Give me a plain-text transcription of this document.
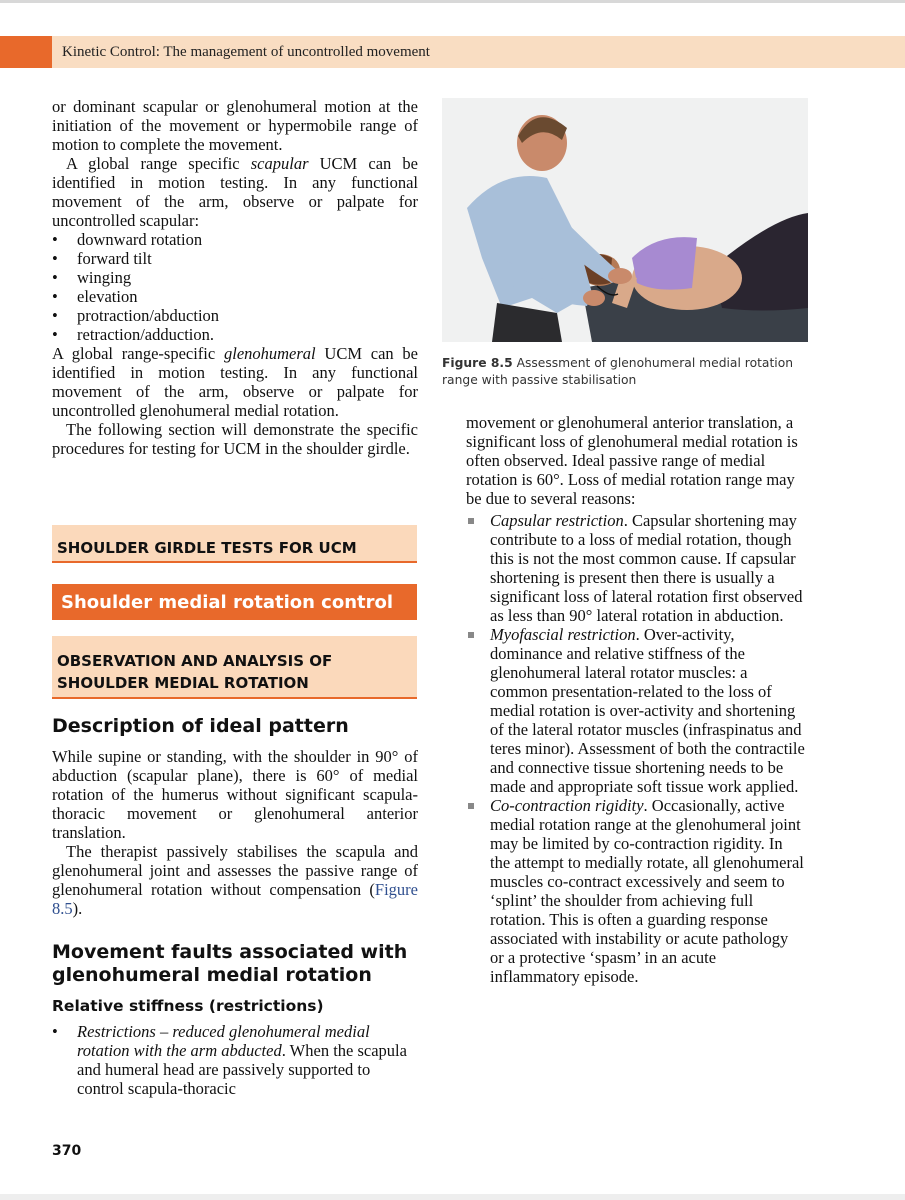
Kinetic Control: The management of uncontrolled movement

or dominant scapular or glenohumeral motion at the initiation of the movement or hypermobile range of motion to complete the movement.

A global range specific scapular UCM can be identified in motion testing. In any functional movement of the arm, observe or palpate for uncontrolled scapular:

• downward rotation
• forward tilt
• winging
• elevation
• protraction/abduction
• retraction/adduction.

A global range-specific glenohumeral UCM can be identified in motion testing. In any functional movement of the arm, observe or palpate for uncontrolled glenohumeral medial rotation.

The following section will demonstrate the specific procedures for testing for UCM in the shoulder girdle.

SHOULDER GIRDLE TESTS FOR UCM
Shoulder medial rotation control
OBSERVATION AND ANALYSIS OF
SHOULDER MEDIAL ROTATION
Description of ideal pattern

While supine or standing, with the shoulder in 90° of abduction (scapular plane), there is 60° of medial rotation of the humerus without significant scapula-thoracic movement or glenohumeral anterior translation.

The therapist passively stabilises the scapula and glenohumeral joint and assesses the passive range of glenohumeral rotation without compensation (Figure 8.5).

Movement faults associated with
glenohumeral medial rotation
Relative stiffness (restrictions)
• Restrictions – reduced glenohumeral medial rotation with the arm abducted. When the scapula and humeral head are passively supported to control scapula-thoracic
Figure 8.5 Assessment of glenohumeral medial rotation range with passive stabilisation

movement or glenohumeral anterior translation, a significant loss of glenohumeral medial rotation is often observed. Ideal passive range of medial rotation is 60°. Loss of medial rotation range may be due to several reasons:

Capsular restriction. Capsular shortening may contribute to a loss of medial rotation, though this is not the most common cause. If capsular shortening is present then there is usually a significant loss of lateral rotation first observed as less than 90° lateral rotation in abduction.
Myofascial restriction. Over-activity, dominance and relative stiffness of the glenohumeral lateral rotator muscles: a common presentation-related to the loss of medial rotation is over-activity and shortening of the lateral rotator muscles (infraspinatus and teres minor). Assessment of both the contractile and connective tissue shortening needs to be made and appropriate soft tissue work applied.
Co-contraction rigidity. Occasionally, active medial rotation range at the glenohumeral joint may be limited by co-contraction rigidity. In the attempt to medially rotate, all glenohumeral muscles co-contract excessively and seem to ‘splint’ the shoulder from achieving full rotation. This is often a guarding response associated with instability or acute pathology or a protective ‘spasm’ in an acute inflammatory episode.
370
